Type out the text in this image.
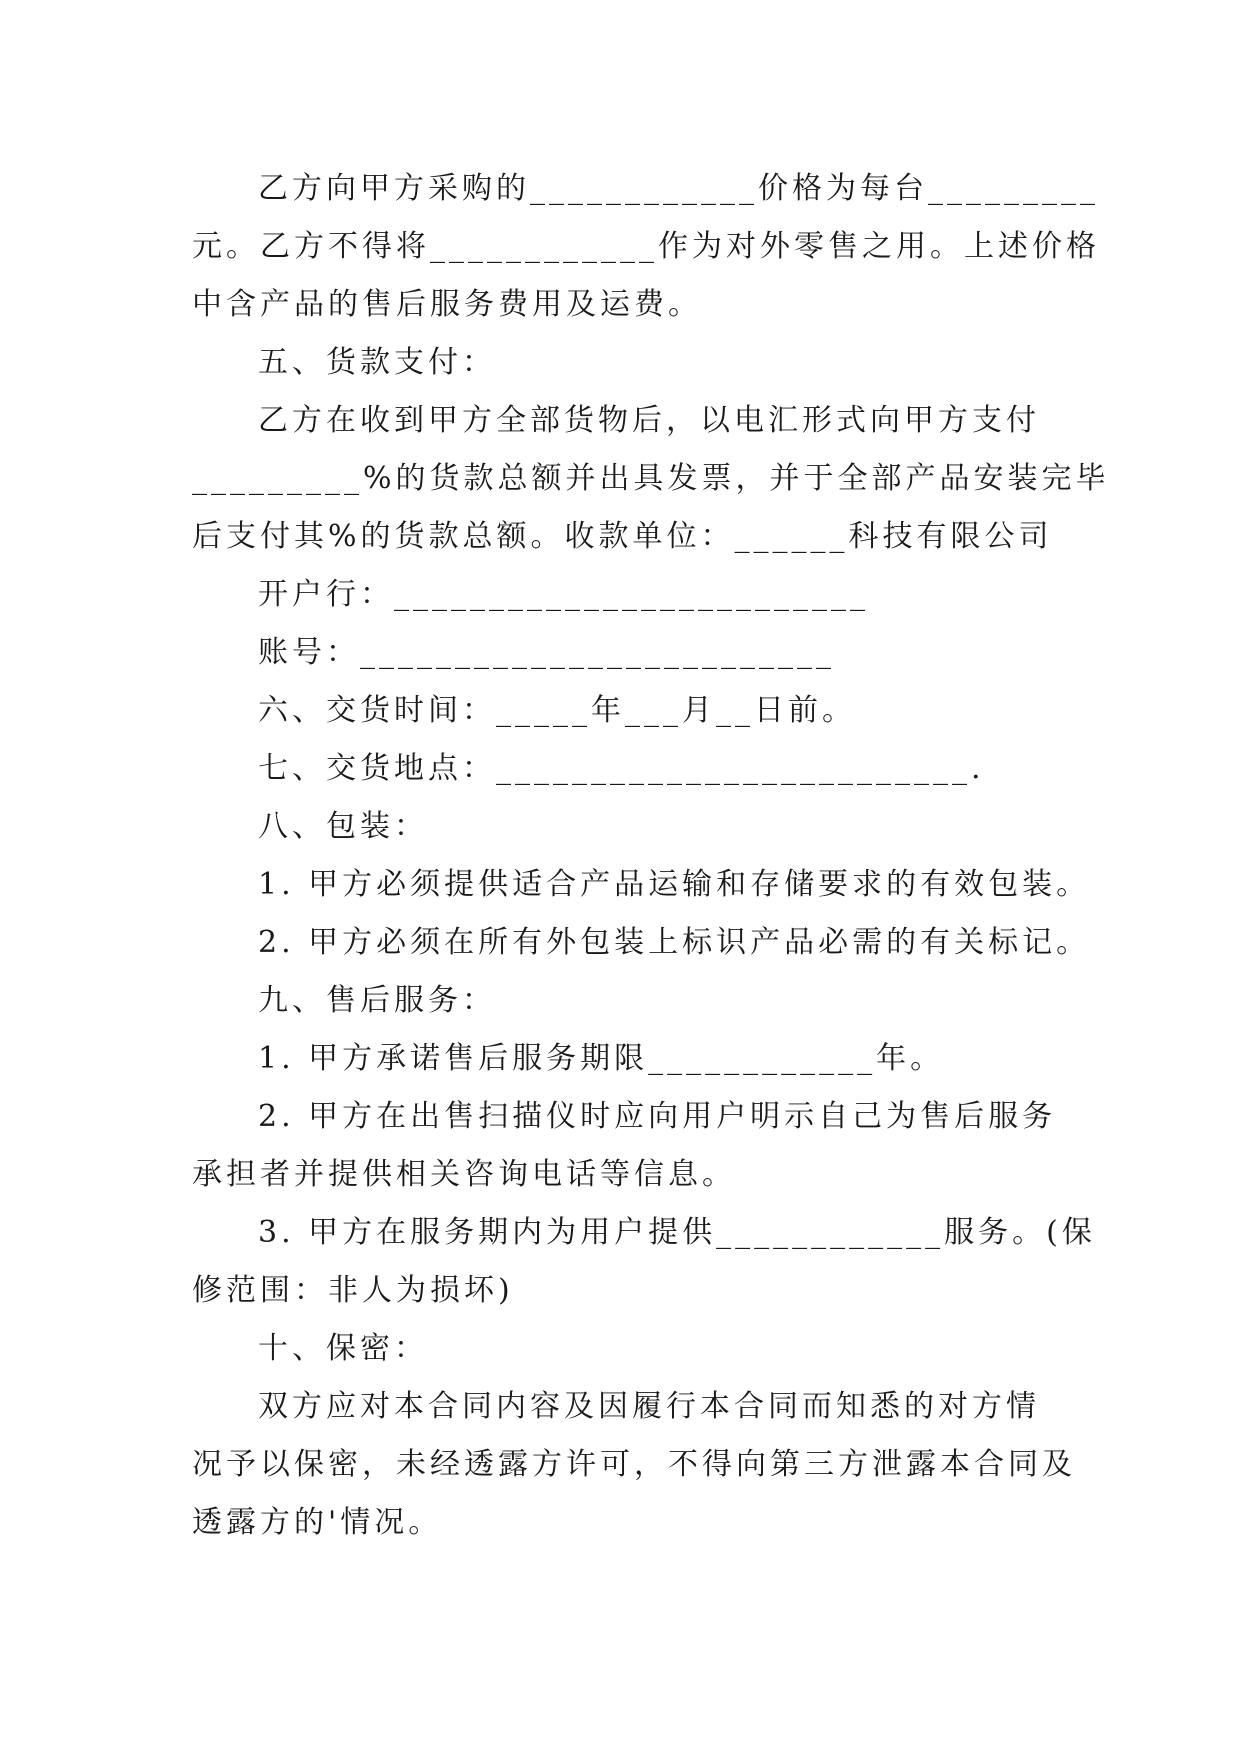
乙方向甲方采购的____________价格为每台_________
元。乙方不得将____________作为对外零售之用。上述价格
中含产品的售后服务费用及运费。
五、货款支付：
乙方在收到甲方全部货物后，以电汇形式向甲方支付
_________%的货款总额并出具发票，并于全部产品安装完毕
后支付其%的货款总额。收款单位：______科技有限公司
开户行：_________________________
账号：_________________________
六、交货时间：_____年___月__日前。
七、交货地点：_________________________.
八、包装：
1. 甲方必须提供适合产品运输和存储要求的有效包装。
2. 甲方必须在所有外包装上标识产品必需的有关标记。
九、售后服务：
1. 甲方承诺售后服务期限____________年。
2. 甲方在出售扫描仪时应向用户明示自己为售后服务
承担者并提供相关咨询电话等信息。
3. 甲方在服务期内为用户提供____________服务。(保
修范围：非人为损坏)
十、保密：
双方应对本合同内容及因履行本合同而知悉的对方情
况予以保密，未经透露方许可，不得向第三方泄露本合同及
透露方的'情况。
